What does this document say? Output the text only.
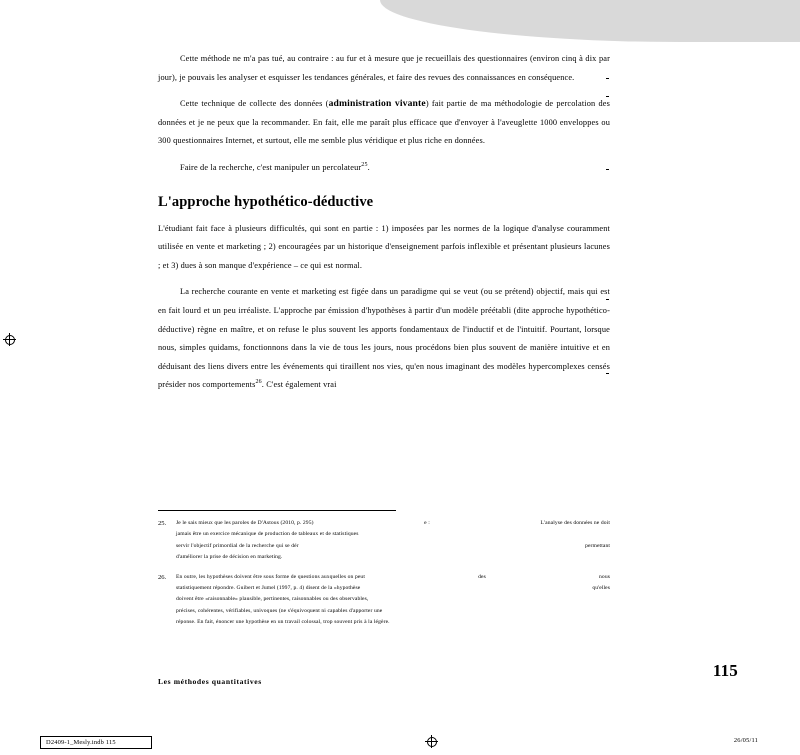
Cette méthode ne m'a pas tué, au contraire : au fur et à mesure que je recueillais des questionnaires (environ cinq à dix par jour), je pouvais les analyser et esquisser les tendances générales, et faire des revues des connaissances en conséquence.

Cette technique de collecte des données (administration vivante) fait partie de ma méthodologie de percolation des données et je ne peux que la recommander. En fait, elle me paraît plus efficace que d'envoyer à l'aveuglette 1000 enveloppes ou 300 questionnaires Internet, et surtout, elle me semble plus véridique et plus riche en données.

Faire de la recherche, c'est manipuler un percolateur$^{25}$.

L'approche hypothético-déductive

L'étudiant fait face à plusieurs difficultés, qui sont en partie : 1) imposées par les normes de la logique d'analyse couramment utilisée en vente et marketing ; 2) encouragées par un historique d'enseignement parfois inflexible et présentant plusieurs lacunes ; et 3) dues à son manque d'expérience – ce qui est normal.

La recherche courante en vente et marketing est figée dans un paradigme qui se veut (ou se prétend) objectif, mais qui est en fait lourd et un peu irréaliste. L'approche par émission d'hypothèses à partir d'un modèle préétabli (dite approche hypothético-déductive) règne en maître, et on refuse le plus souvent les apports fondamentaux de l'inductif et de l'intuitif. Pourtant, lorsque nous, simples quidams, fonctionnons dans la vie de tous les jours, nous procédons bien plus souvent de manière intuitive et en déduisant des liens divers entre les événements qui tiraillent nos vies, qu'en nous imaginant des modèles hypercomplexes censés présider nos comportements$^{26}$. C'est également vrai

25.	Je le sais mieux que les paroles de D'Astous (2010, p. 295)	e :	L'analyse des données ne doit
jamais être un exercice mécanique de production de tableaux et de statistiques
servir l'objectif primordial de la recherche qui se dér	permettant
d'améliorer la prise de décision en marketing.
26.	En outre, les hypothèses doivent être sous forme de questions auxquelles on peut	des	nous
statistiquement répondre. Guibert et Jumel (1997, p. 4) disent de la «hypothèse	qu'elles
doivent être «raisonnable» plausible, pertinentes, raisonnables ou des observables,
précises, cohérentes, vérifiables, univoques (ne s'équivoquent ni capables d'apporter une
réponse. En fait, énoncer une hypothèse en un travail colossal, trop souvent pris à la légère.
115
Les méthodes quantitatives
D2409-1_Mesly.indb 115	26/05/11
